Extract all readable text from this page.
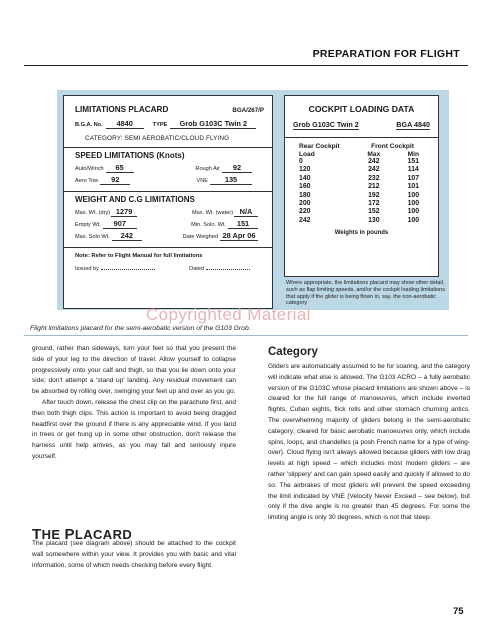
PREPARATION FOR FLIGHT
LIMITATIONS PLACARD	BGA/267/P
B.G.A. No.	4840	TYPE	Grob G103C Twin 2
CATEGORY: SEMI AEROBATIC/CLOUD FLYING
SPEED LIMITATIONS (Knots)
Auto/Winch	65	Rough Air	92
Aero Tow	92	VNE	135
WEIGHT AND C.G LIMITATIONS
Max. Wt. (dry) 1279	Max. Wt. (water) N/A
Empty Wt.	907	Min. Solo. Wt.	151
Max. Solo Wt.	242	Date Weighed 28 Apr 06
Note: Refer to Flight Manual for full limitations
Issued by	Dated
COCKPIT LOADING DATA
Grob G103C Twin 2	BGA 4840
Rear Cockpit
Load	Front Cockpit	
	Max	Min
0	242	151
120	242	114
140	232	107
160	212	101
180	192	100
200	172	100
220	152	100
242	130	100
Weights in pounds
Where appropriate, the limitations placard may show other detail, such as flap limiting speeds, and/or the cockpit loading limitations that apply if the glider is being flown in, say, the non-aerobatic category
Copyrighted Material
Flight limitations placard for the semi-aerobatic version of the G103 Grob.

ground, rather than sideways, turn your feet so that you present the side of your leg to the direction of travel. Allow yourself to collapse progressively onto your calf and thigh, so that you lie down onto your side; don't attempt a 'stand up' landing. Any residual movement can be absorbed by rolling over, swinging your feet up and over as you go.

After touch down, release the chest clip on the parachute first, and then both thigh clips. This action is important to avoid being dragged headfirst over the ground if there is any appreciable wind. If you land in trees or get hung up in some other obstruction, don't release the harness until help arrives, as you may fall and seriously injure yourself.

THE PLACARD

The placard (see diagram above) should be attached to the cockpit wall somewhere within your view. It provides you with basic and vital information, some of which needs checking before every flight.

Category

Gliders are automatically assumed to be for soaring, and the category will indicate what else is allowed. The G103 ACRO – a fully aerobatic version of the G103C whose placard limitations are shown above – is cleared for the full range of manoeuvres, which include inverted flights, Cuban eights, flick rolls and other stomach churning antics. The overwhelming majority of gliders belong in the semi-aerobatic category; cleared for basic aerobatic manoeuvres only, which include spins, loops, and chandelles (a posh French name for a type of wing-over). Cloud flying isn't always allowed because gliders with low drag levels at high speed – which includes most modern gliders – are rather 'slippery' and can gain speed easily and quickly if allowed to do so. The airbrakes of most gliders will prevent the speed exceeding the limit indicated by VNE (Velocity Never Exceed – see below), but only if the dive angle is no greater than 45 degrees. For some the limiting angle is only 30 degrees, which is not that steep.

75
